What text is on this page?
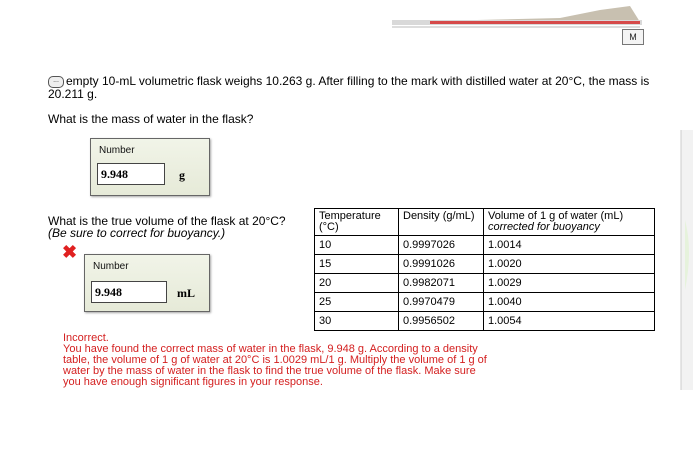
M
... empty 10-mL volumetric flask weighs 10.263 g. After filling to the mark with distilled water at 20°C, the mass is 20.211 g.
What is the mass of water in the flask?
Number
9.948	g
What is the true volume of the flask at 20°C?
(Be sure to correct for buoyancy.)
✖
Number
9.948	mL
Temperature (°C)	Density (g/mL)	Volume of 1 g of water (mL)
corrected for buoyancy

10	0.9997026	1.0014
15	0.9991026	1.0020
20	0.9982071	1.0029
25	0.9970479	1.0040
30	0.9956502	1.0054
Incorrect.
You have found the correct mass of water in the flask, 9.948 g. According to a density table, the volume of 1 g of water at 20°C is 1.0029 mL/1 g. Multiply the volume of 1 g of water by the mass of water in the flask to find the true volume of the flask. Make sure you have enough significant figures in your response.
